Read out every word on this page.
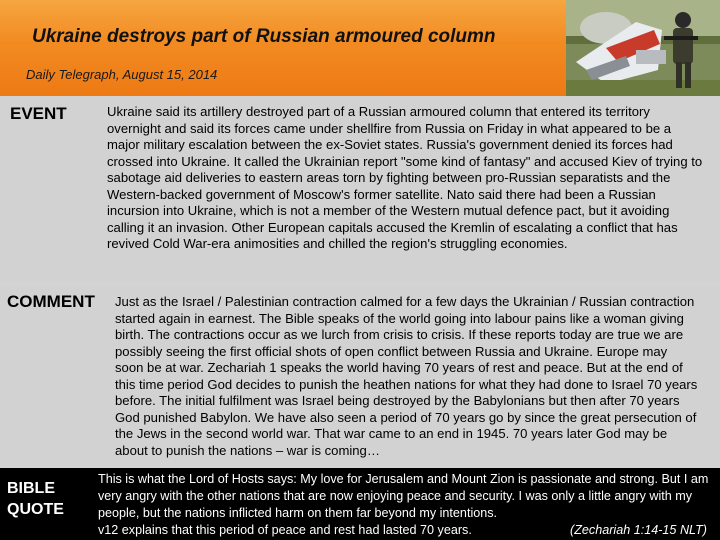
Ukraine destroys part of Russian armoured column
Daily Telegraph, August 15, 2014
EVENT	Ukraine said its artillery destroyed part of a Russian armoured column that entered its territory overnight and said its forces came under shellfire from Russia on Friday in what appeared to be a major military escalation between the ex-Soviet states. Russia's government denied its forces had crossed into Ukraine. It called the Ukrainian report "some kind of fantasy" and accused Kiev of trying to sabotage aid deliveries to eastern areas torn by fighting between pro-Russian separatists and the Western-backed government of Moscow's former satellite. Nato said there had been a Russian incursion into Ukraine, which is not a member of the Western mutual defence pact, but it avoiding calling it an invasion. Other European capitals accused the Kremlin of escalating a conflict that has revived Cold War-era animosities and chilled the region's struggling economies.
COMMENT Just as the Israel / Palestinian contraction calmed for a few days the Ukrainian / Russian contraction started again in earnest. The Bible speaks of the world going into labour pains like a woman giving birth. The contractions occur as we lurch from crisis to crisis. If these reports today are true we are possibly seeing the first official shots of open conflict between Russia and Ukraine. Europe may soon be at war. Zechariah 1 speaks the world having 70 years of rest and peace. But at the end of this time period God decides to punish the heathen nations for what they had done to Israel 70 years before. The initial fulfilment was Israel being destroyed by the Babylonians but then after 70 years God punished Babylon. We have also seen a period of 70 years go by since the great persecution of the Jews in the second world war. That war came to an end in 1945. 70 years later God may be about to punish the nations – war is coming…
BIBLE QUOTE
This is what the Lord of Hosts says: My love for Jerusalem and Mount Zion is passionate and strong. But I am very angry with the other nations that are now enjoying peace and security. I was only a little angry with my people, but the nations inflicted harm on them far beyond my intentions.

(Zechariah 1:14-15 NLT)
v12 explains that this period of peace and rest had lasted 70 years.
